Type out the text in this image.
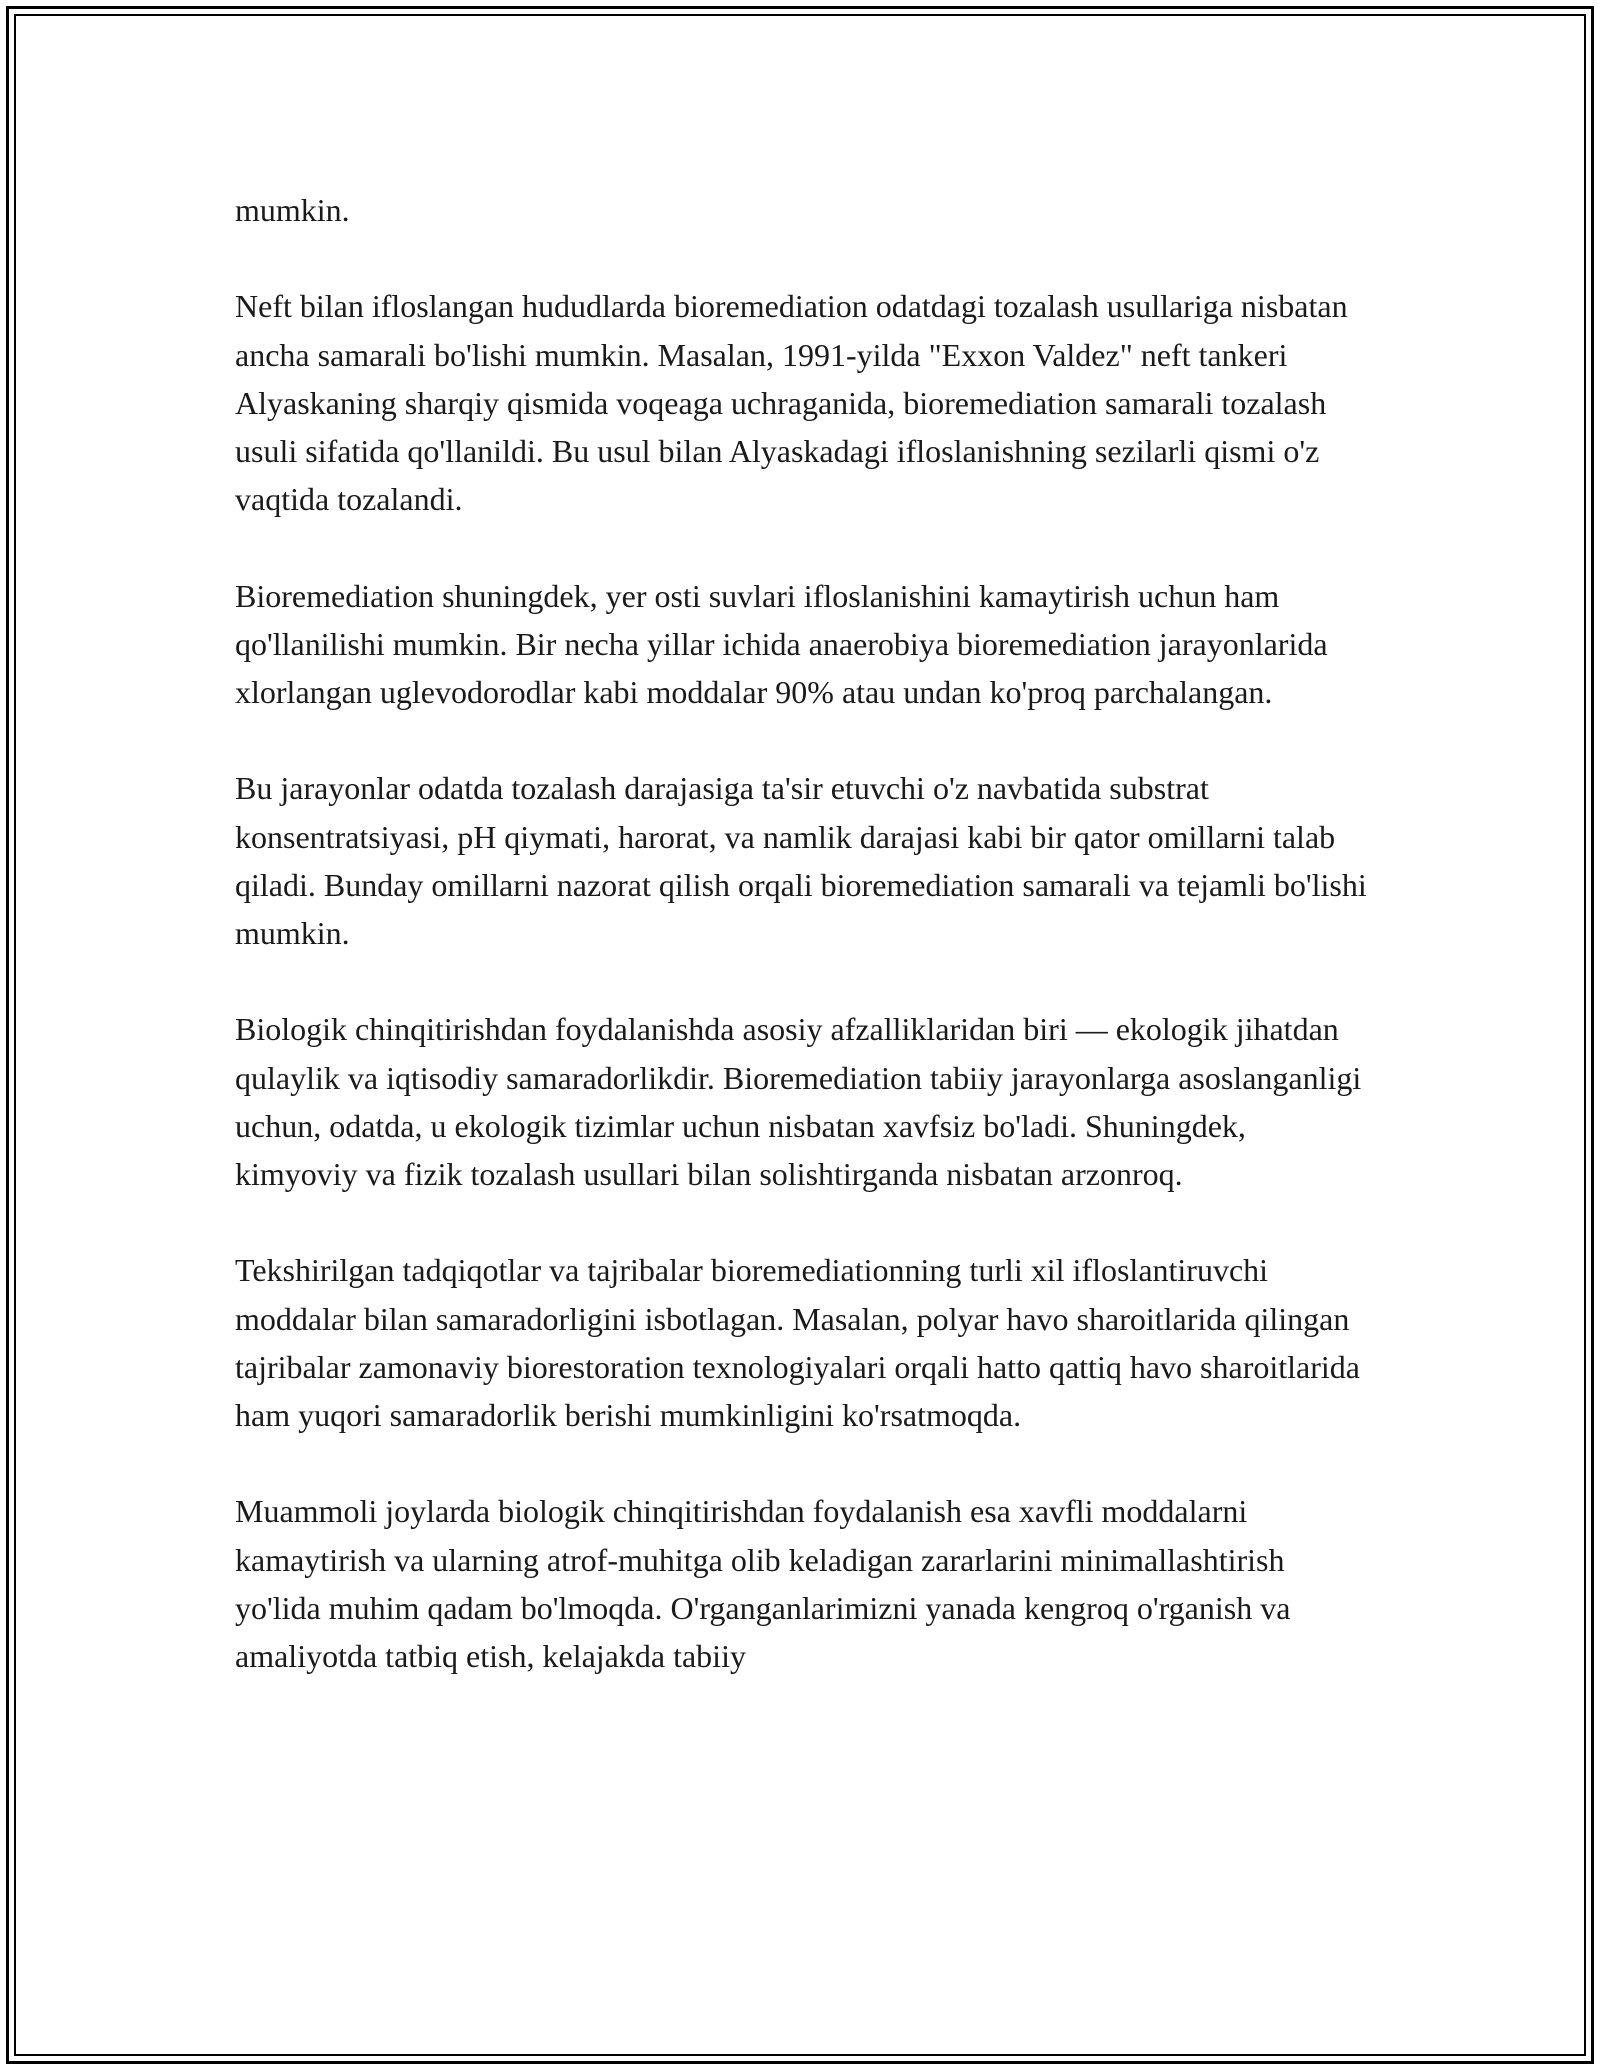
mumkin.

Neft bilan ifloslangan hududlarda bioremediation odatdagi tozalash usullariga nisbatan ancha samarali bo'lishi mumkin. Masalan, 1991-yilda "Exxon Valdez" neft tankeri Alyaskaning sharqiy qismida voqeaga uchraganida, bioremediation samarali tozalash usuli sifatida qo'llanildi. Bu usul bilan Alyaskadagi ifloslanishning sezilarli qismi o'z vaqtida tozalandi.

Bioremediation shuningdek, yer osti suvlari ifloslanishini kamaytirish uchun ham qo'llanilishi mumkin. Bir necha yillar ichida anaerobiya bioremediation jarayonlarida xlorlangan uglevodorodlar kabi moddalar 90% atau undan ko'proq parchalangan.

Bu jarayonlar odatda tozalash darajasiga ta'sir etuvchi o'z navbatida substrat konsentratsiyasi, pH qiymati, harorat, va namlik darajasi kabi bir qator omillarni talab qiladi. Bunday omillarni nazorat qilish orqali bioremediation samarali va tejamli bo'lishi mumkin.

Biologik chinqitirishdan foydalanishda asosiy afzalliklaridan biri — ekologik jihatdan qulaylik va iqtisodiy samaradorlikdir. Bioremediation tabiiy jarayonlarga asoslanganligi uchun, odatda, u ekologik tizimlar uchun nisbatan xavfsiz bo'ladi. Shuningdek, kimyoviy va fizik tozalash usullari bilan solishtirganda nisbatan arzonroq.

Tekshirilgan tadqiqotlar va tajribalar bioremediationning turli xil ifloslantiruvchi moddalar bilan samaradorligini isbotlagan. Masalan, polyar havo sharoitlarida qilingan tajribalar zamonaviy biorestoration texnologiyalari orqali hatto qattiq havo sharoitlarida ham yuqori samaradorlik berishi mumkinligini ko'rsatmoqda.

Muammoli joylarda biologik chinqitirishdan foydalanish esa xavfli moddalarni kamaytirish va ularning atrof-muhitga olib keladigan zararlarini minimallashtirish yo'lida muhim qadam bo'lmoqda. O'rganganlarimizni yanada kengroq o'rganish va amaliyotda tatbiq etish, kelajakda tabiiy
